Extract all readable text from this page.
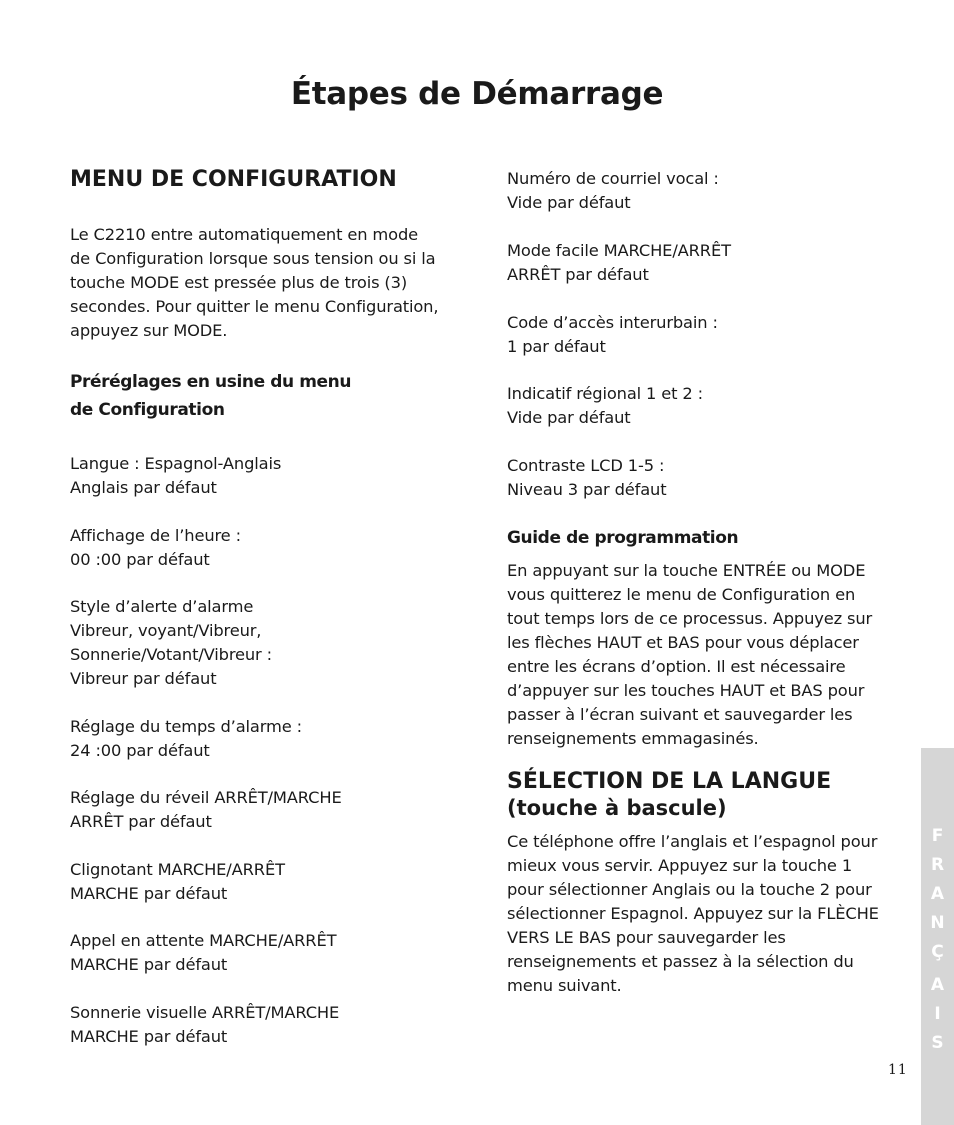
Étapes de Démarrage
MENU DE CONFIGURATION
Le C2210 entre automatiquement en mode
de Configuration lorsque sous tension ou si la
touche MODE est pressée plus de trois (3)
secondes. Pour quitter le menu Configuration,
appuyez sur MODE.
Préréglages en usine du menu
de Configuration
Langue : Espagnol-Anglais
Anglais par défaut
Affichage de l’heure :
00 :00 par défaut
Style d’alerte d’alarme
Vibreur, voyant/Vibreur,
Sonnerie/Votant/Vibreur :
Vibreur par défaut
Réglage du temps d’alarme :
24 :00 par défaut
Réglage du réveil ARRÊT/MARCHE
ARRÊT par défaut
Clignotant MARCHE/ARRÊT
MARCHE par défaut
Appel en attente MARCHE/ARRÊT
MARCHE par défaut
Sonnerie visuelle ARRÊT/MARCHE
MARCHE par défaut
Numéro de courriel vocal :
Vide par défaut
Mode facile MARCHE/ARRÊT
ARRÊT par défaut
Code d’accès interurbain :
1 par défaut
Indicatif régional 1 et 2 :
Vide par défaut
Contraste LCD 1-5 :
Niveau 3 par défaut
Guide de programmation
En appuyant sur la touche ENTRÉE ou MODE
vous quitterez le menu de Configuration en
tout temps lors de ce processus. Appuyez sur
les flèches HAUT et BAS pour vous déplacer
entre les écrans d’option. Il est nécessaire
d’appuyer sur les touches HAUT et BAS pour
passer à l’écran suivant et sauvegarder les
renseignements emmagasinés.
SÉLECTION DE LA LANGUE
(touche à bascule)
Ce téléphone offre l’anglais et l’espagnol pour
mieux vous servir. Appuyez sur la touche 1
pour sélectionner Anglais ou la touche 2 pour
sélectionner Espagnol. Appuyez sur la FLÈCHE
VERS LE BAS pour sauvegarder les
renseignements et passez à la sélection du
menu suivant.
F
R
A
N
Ç
A
I
S
11
